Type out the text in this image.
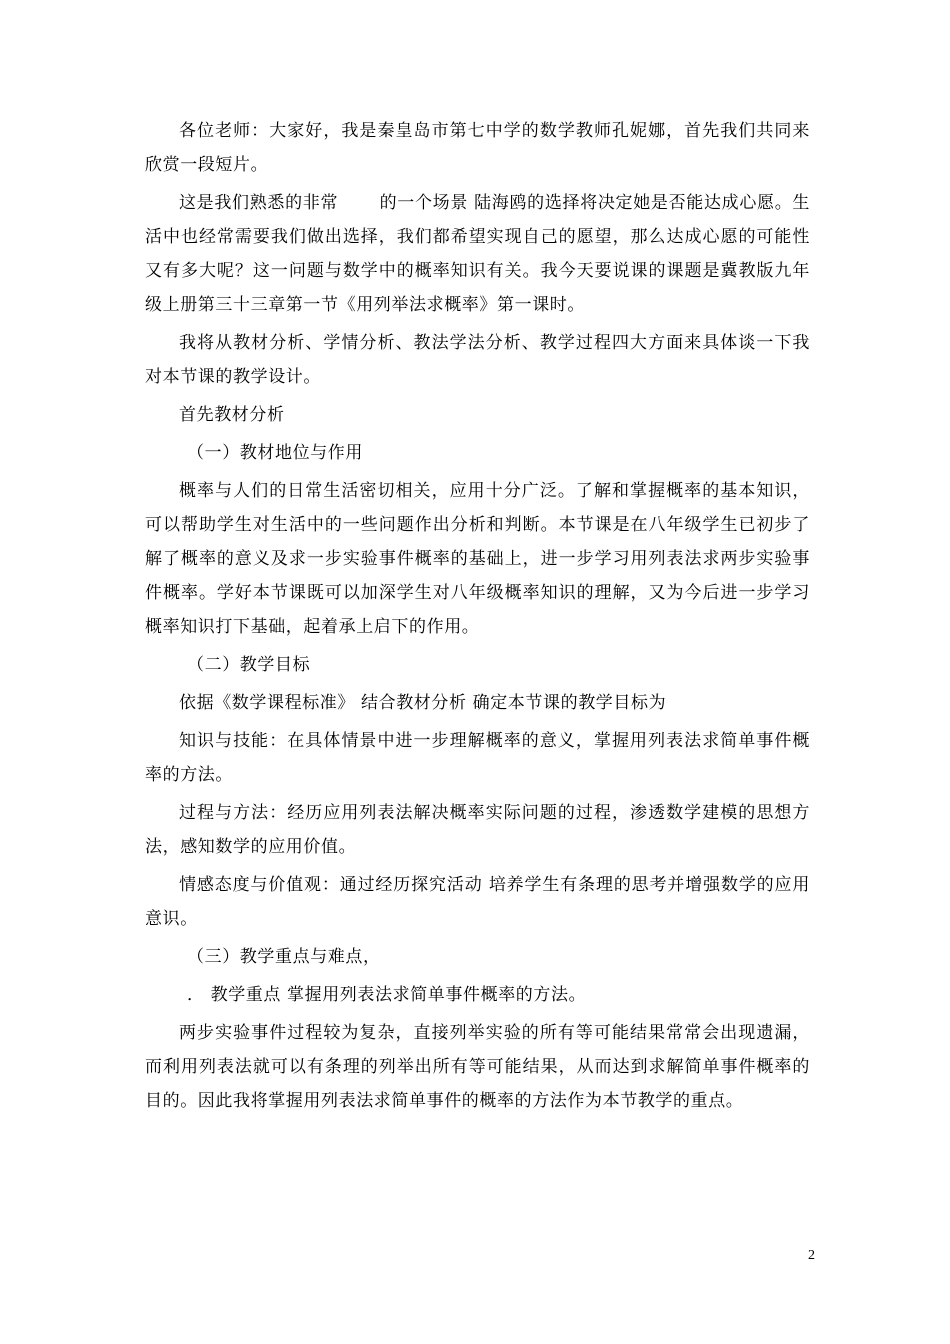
各位老师：大家好，我是秦皇岛市第七中学的数学教师孔妮娜，首先我们共同来欣赏一段短片。

这是我们熟悉的非常 　　的一个场景 陆海鸥的选择将决定她是否能达成心愿。生活中也经常需要我们做出选择，我们都希望实现自己的愿望，那么达成心愿的可能性又有多大呢？这一问题与数学中的概率知识有关。我今天要说课的课题是冀教版九年级上册第三十三章第一节《用列举法求概率》第一课时。

我将从教材分析、学情分析、教法学法分析、教学过程四大方面来具体谈一下我对本节课的教学设计。

首先教材分析

（一）教材地位与作用

概率与人们的日常生活密切相关，应用十分广泛。了解和掌握概率的基本知识，可以帮助学生对生活中的一些问题作出分析和判断。本节课是在八年级学生已初步了解了概率的意义及求一步实验事件概率的基础上，进一步学习用列表法求两步实验事件概率。学好本节课既可以加深学生对八年级概率知识的理解，又为今后进一步学习概率知识打下基础，起着承上启下的作用。

（二）教学目标

依据《数学课程标准》 结合教材分析 确定本节课的教学目标为

知识与技能：在具体情景中进一步理解概率的意义，掌握用列表法求简单事件概率的方法。

过程与方法：经历应用列表法解决概率实际问题的过程，渗透数学建模的思想方法，感知数学的应用价值。

情感态度与价值观：通过经历探究活动 培养学生有条理的思考并增强数学的应用意识。

（三）教学重点与难点，

． 教学重点 掌握用列表法求简单事件概率的方法。

两步实验事件过程较为复杂，直接列举实验的所有等可能结果常常会出现遗漏，而利用列表法就可以有条理的列举出所有等可能结果，从而达到求解简单事件概率的目的。因此我将掌握用列表法求简单事件的概率的方法作为本节教学的重点。

2
